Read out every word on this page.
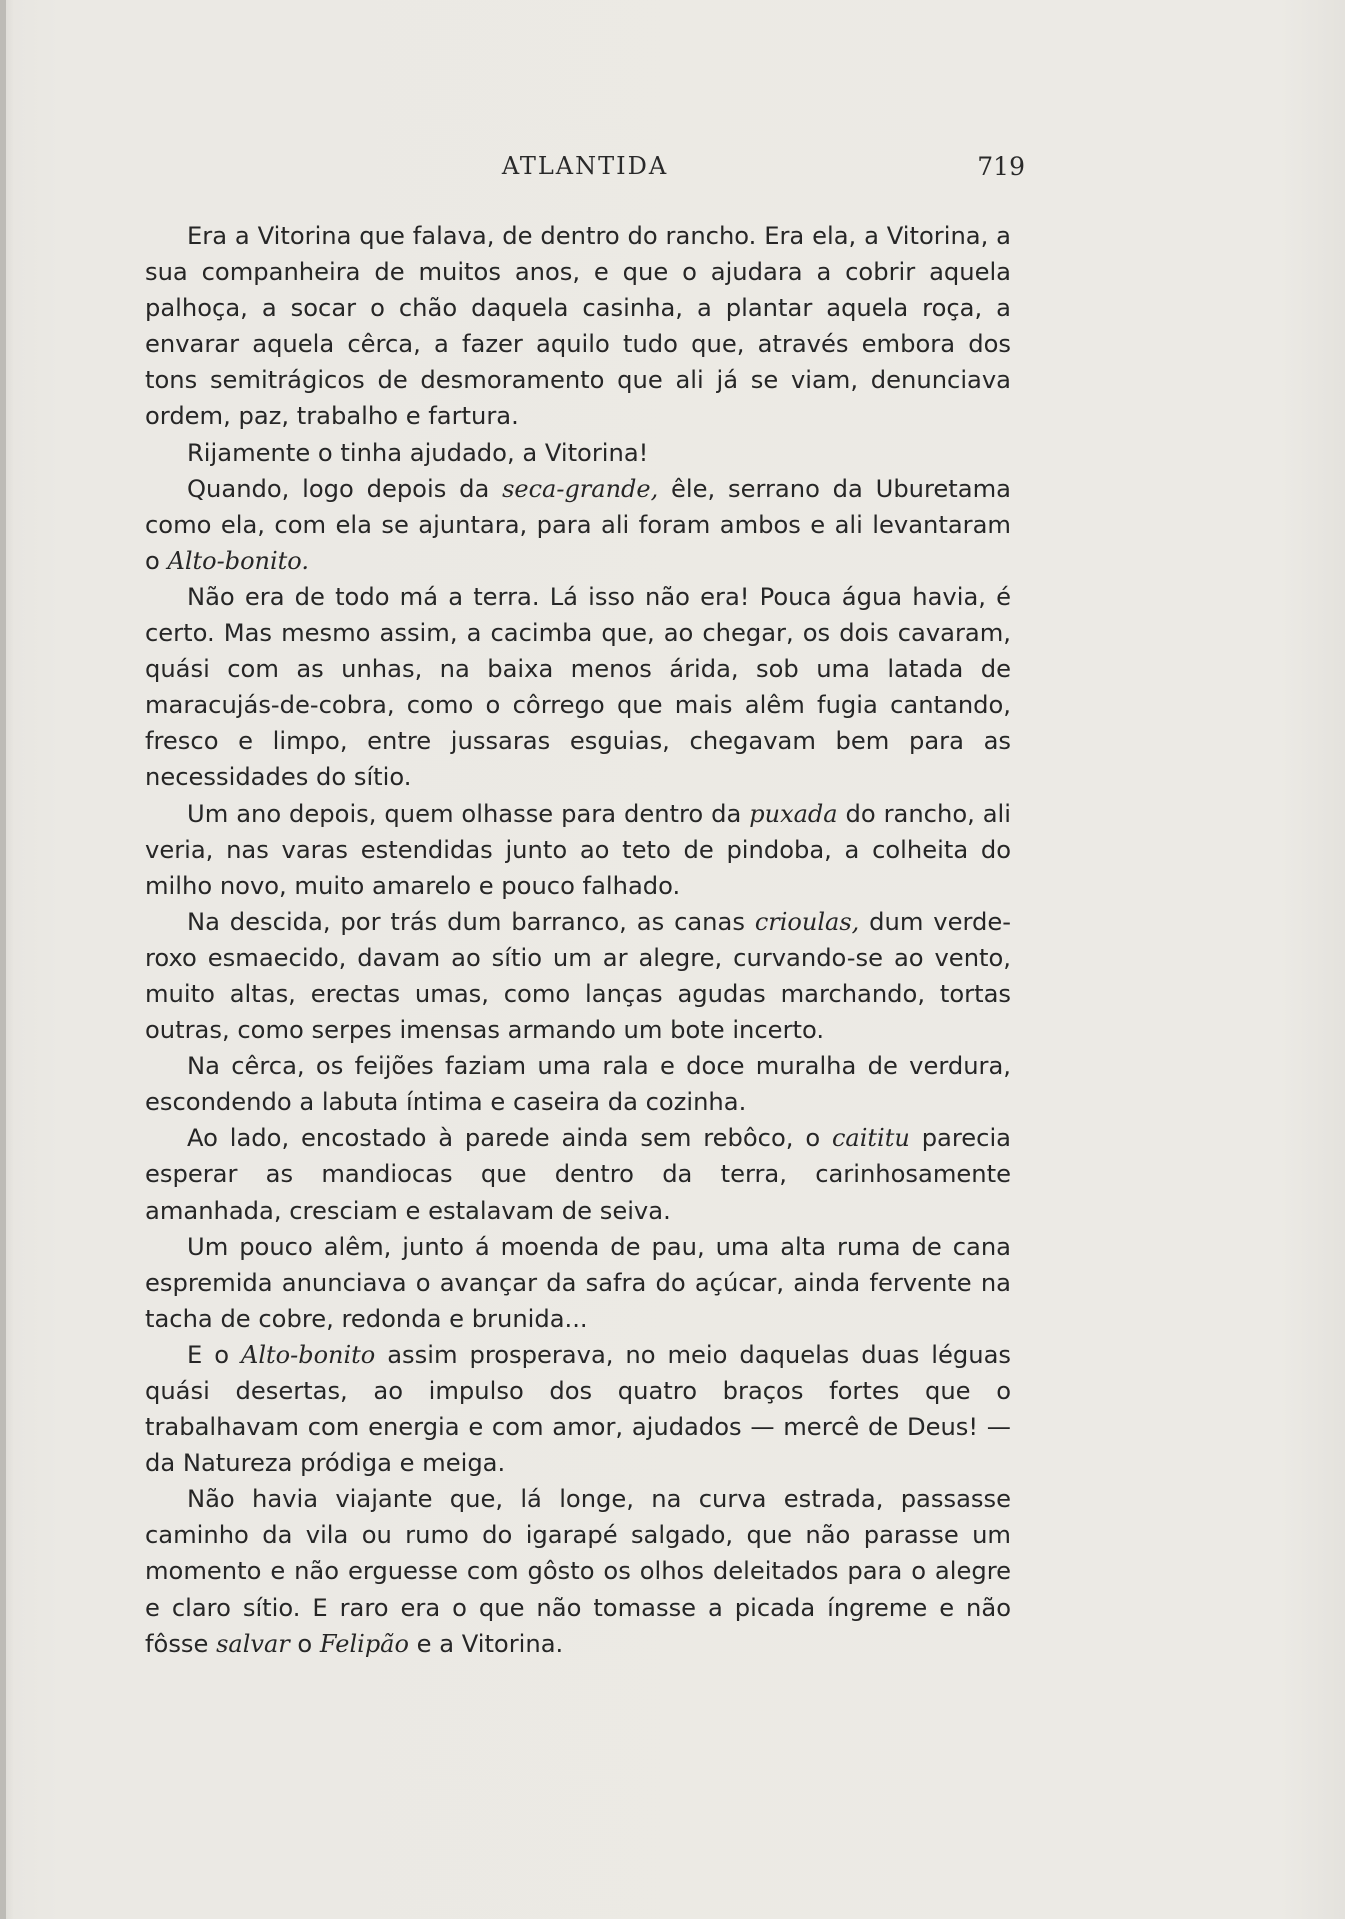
ATLANTIDA	719

Era a Vitorina que falava, de dentro do rancho. Era ela, a Vitorina, a sua companheira de muitos anos, e que o ajudara a cobrir aquela palhoça, a socar o chão daquela casinha, a plantar aquela roça, a envarar aquela cêrca, a fazer aquilo tudo que, através embora dos tons semitrágicos de desmoramento que ali já se viam, denunciava ordem, paz, trabalho e fartura.

Rijamente o tinha ajudado, a Vitorina!

Quando, logo depois da seca-grande, êle, serrano da Uburetama como ela, com ela se ajuntara, para ali foram ambos e ali levantaram o Alto-bonito.

Não era de todo má a terra. Lá isso não era! Pouca água havia, é certo. Mas mesmo assim, a cacimba que, ao chegar, os dois cavaram, quási com as unhas, na baixa menos árida, sob uma latada de maracujás-de-cobra, como o côrrego que mais alêm fugia cantando, fresco e limpo, entre jussaras esguias, chegavam bem para as necessidades do sítio.

Um ano depois, quem olhasse para dentro da puxada do rancho, ali veria, nas varas estendidas junto ao teto de pindoba, a colheita do milho novo, muito amarelo e pouco falhado.

Na descida, por trás dum barranco, as canas crioulas, dum verde-roxo esmaecido, davam ao sítio um ar alegre, curvando-se ao vento, muito altas, erectas umas, como lanças agudas marchando, tortas outras, como serpes imensas armando um bote incerto.

Na cêrca, os feijões faziam uma rala e doce muralha de verdura, escondendo a labuta íntima e caseira da cozinha.

Ao lado, encostado à parede ainda sem rebôco, o caititu parecia esperar as mandiocas que dentro da terra, carinhosamente amanhada, cresciam e estalavam de seiva.

Um pouco alêm, junto á moenda de pau, uma alta ruma de cana espremida anunciava o avançar da safra do açúcar, ainda fervente na tacha de cobre, redonda e brunida...

E o Alto-bonito assim prosperava, no meio daquelas duas léguas quási desertas, ao impulso dos quatro braços fortes que o trabalhavam com energia e com amor, ajudados — mercê de Deus! — da Natureza pródiga e meiga.

Não havia viajante que, lá longe, na curva estrada, passasse caminho da vila ou rumo do igarapé salgado, que não parasse um momento e não erguesse com gôsto os olhos deleitados para o alegre e claro sítio. E raro era o que não tomasse a picada íngreme e não fôsse salvar o Felipão e a Vitorina.
